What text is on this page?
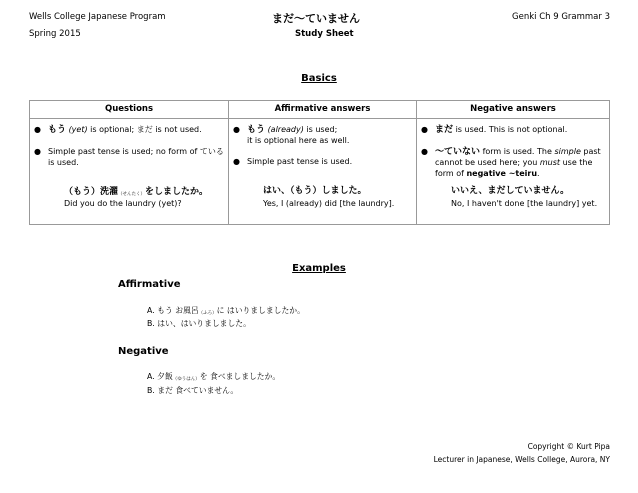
Wells College Japanese Program
Spring 2015
まだ～ていません
Study Sheet
Genki Ch 9 Grammar 3
Basics
Questions
● もう (yet) is optional; まだ is not used.
● Simple past tense is used; no form of ている
is used.
（もう）洗濯（せんたく）をしましたか。
Did you do the laundry (yet)?
Affirmative answers
● もう (already) is used;
it is optional here as well.
● Simple past tense is used.
はい、（もう）しました。
Yes, I (already) did [the laundry].
Negative answers
● まだ is used. This is not optional.
● ～ていない form is used. The simple past
cannot be used here; you must use the
form of negative ~teiru.
いいえ、まだしていません。
No, I haven't done [the laundry] yet.
Examples
Affirmative
A. もう お風呂（ふろ）に はいりましましたか。
B. はい、はいりましました。
Negative
A. 夕飯（ゆうはん）を 食べましましたか。
B. まだ 食べていません。
Copyright © Kurt Pipa
Lecturer in Japanese, Wells College, Aurora, NY
